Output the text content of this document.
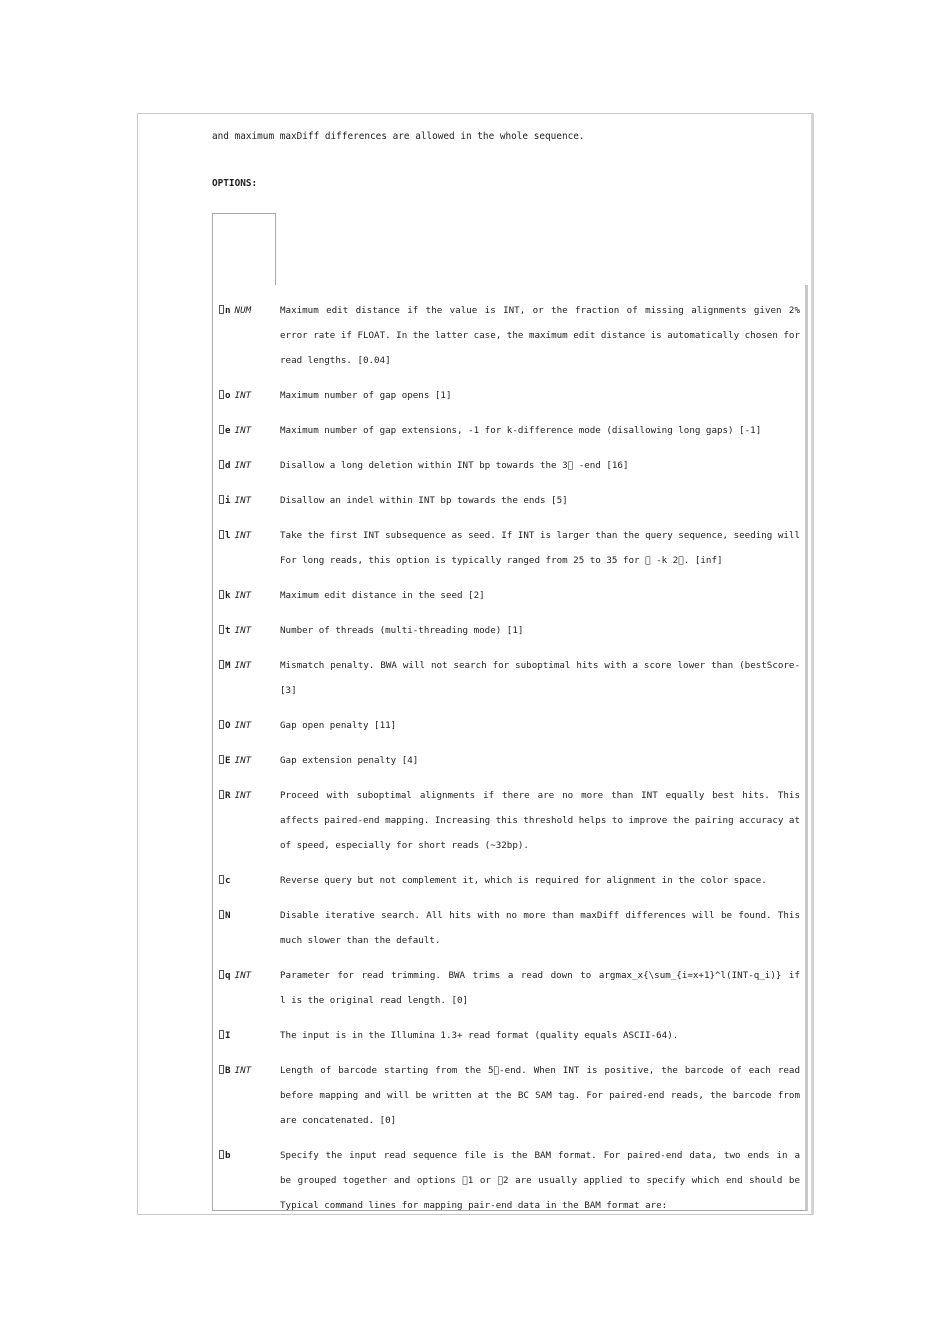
and maximum maxDiff differences are allowed in the whole sequence.
OPTIONS:
n NUM	Maximum edit distance if the value is INT, or the fraction of missing alignments given 2%
error rate if FLOAT. In the latter case, the maximum edit distance is automatically chosen for
read lengths. [0.04]
o INT	Maximum number of gap opens [1]
e INT	Maximum number of gap extensions, -1 for k-difference mode (disallowing long gaps) [-1]
d INT	Disallow a long deletion within INT bp towards the 3  -end [16]
i INT	Disallow an indel within INT bp towards the ends [5]
l INT	Take the first INT subsequence as seed. If INT is larger than the query sequence, seeding will
For long reads, this option is typically ranged from 25 to 35 for   -k 2 . [inf]
k INT	Maximum edit distance in the seed [2]
t INT	Number of threads (multi-threading mode) [1]
M INT	Mismatch penalty. BWA will not search for suboptimal hits with a score lower than (bestScore-
[3]
O INT	Gap open penalty [11]
E INT	Gap extension penalty [4]
R INT	Proceed with suboptimal alignments if there are no more than INT equally best hits. This
affects paired-end mapping. Increasing this threshold helps to improve the pairing accuracy at
of speed, especially for short reads (~32bp).
c	Reverse query but not complement it, which is required for alignment in the color space.
N	Disable iterative search. All hits with no more than maxDiff differences will be found. This
much slower than the default.
q INT	Parameter for read trimming. BWA trims a read down to argmax_x{\sum_{i=x+1}^l(INT-q_i)} if
l is the original read length. [0]
I	The input is in the Illumina 1.3+ read format (quality equals ASCII-64).
B INT	Length of barcode starting from the 5 -end. When INT is positive, the barcode of each read
before mapping and will be written at the BC SAM tag. For paired-end reads, the barcode from
are concatenated. [0]
b	Specify the input read sequence file is the BAM format. For paired-end data, two ends in a
be grouped together and options  1 or  2 are usually applied to specify which end should be
Typical command lines for mapping pair-end data in the BAM format are:
